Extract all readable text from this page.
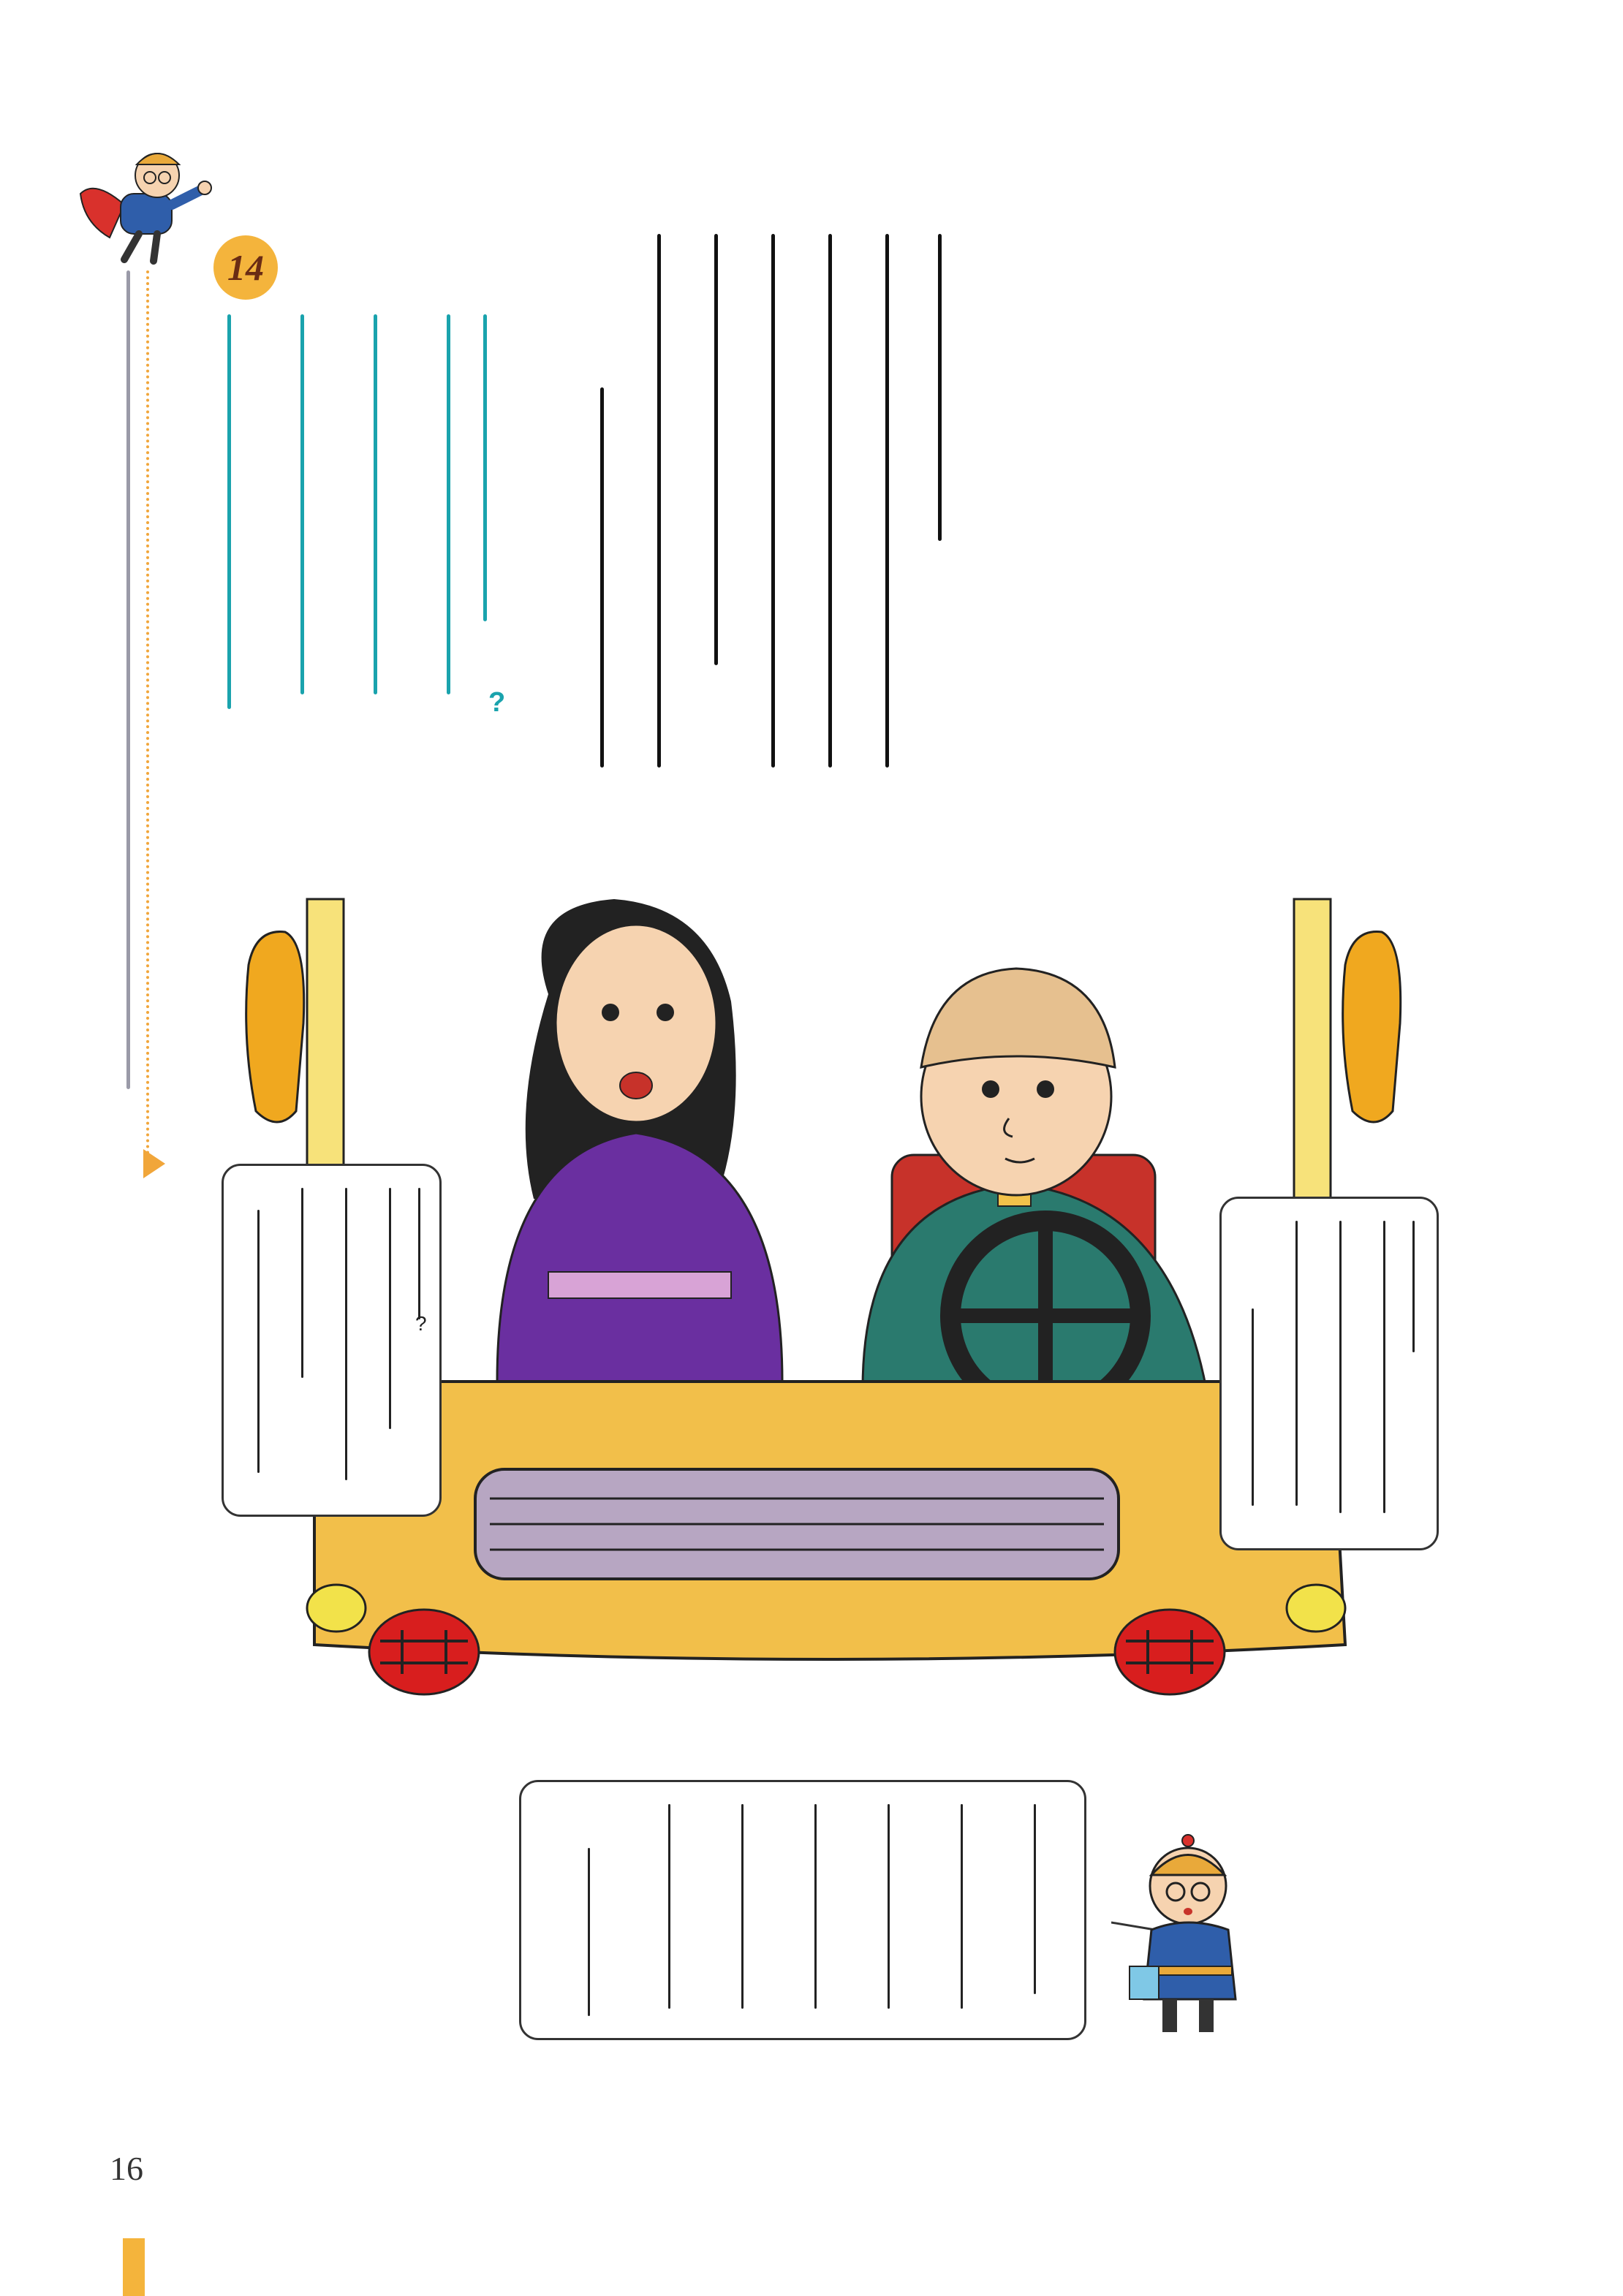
14
?
?
16
